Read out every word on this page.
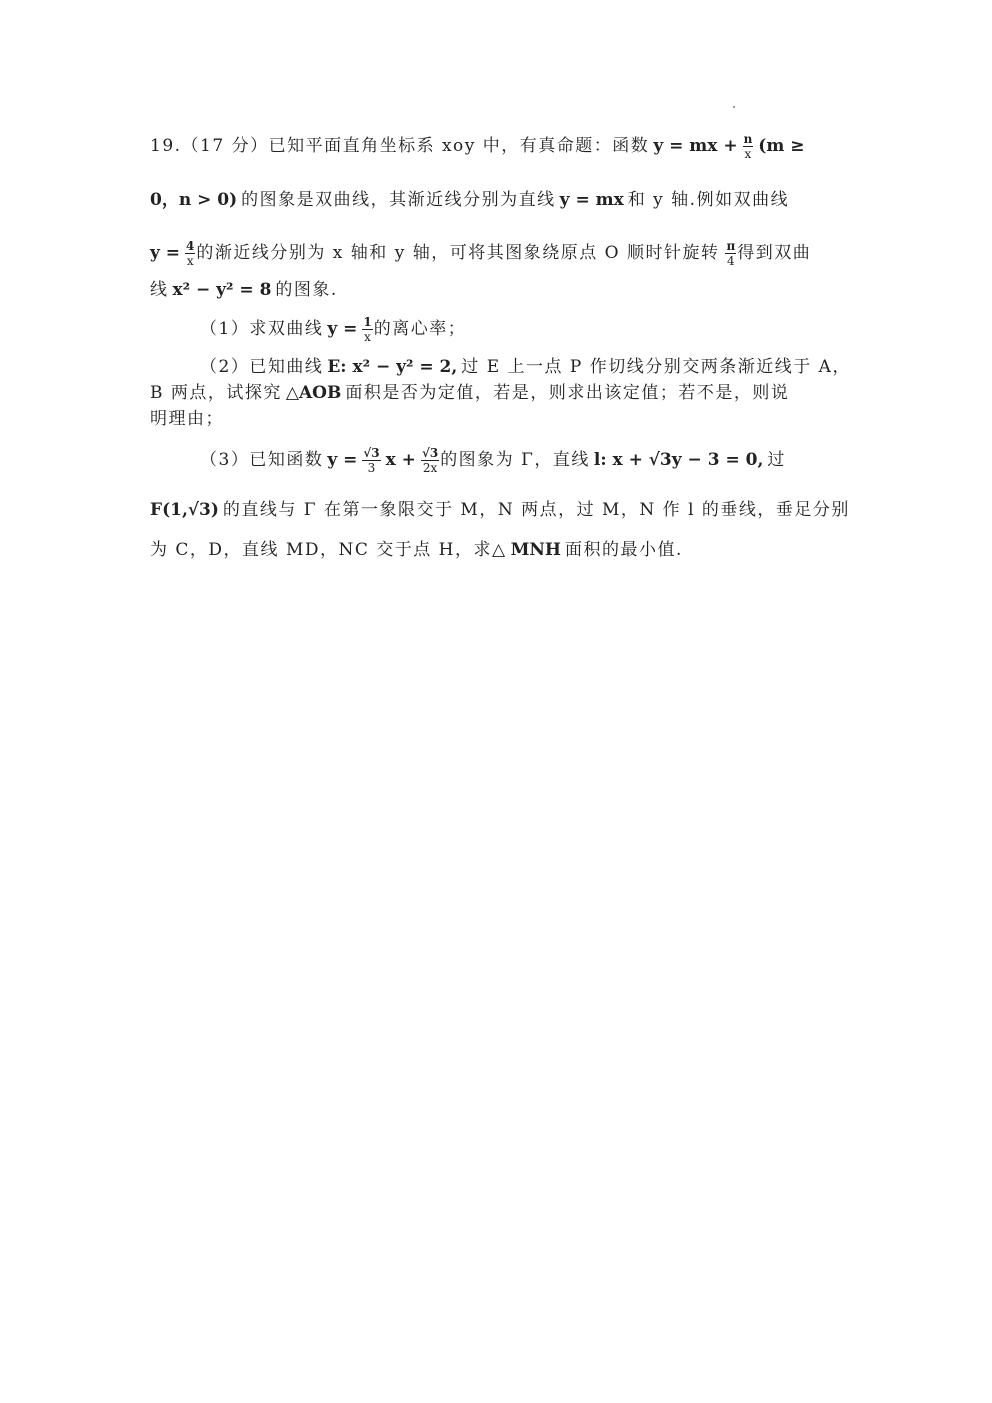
19.（17 分）已知平面直角坐标系 xoy 中，有真命题：函数 y = mx + $\frac{n}{x} (m$ ≥
0，n > 0) 的图象是双曲线，其渐近线分别为直线 y = mx 和 y 轴.例如双曲线
$y = \frac{4}{x}$ 的渐近线分别为 x 轴和 y 轴，可将其图象绕原点 O 顺时针旋转 $\frac{\pi}{4}$ 得到双曲
线 x² − y² = 8 的图象.
（1）求双曲线 $y = \frac{1}{x}$ 的离心率；
（2）已知曲线 E: x² − y² = 2, 过 E 上一点 P 作切线分别交两条渐近线于 A，
B 两点，试探究 △AOB 面积是否为定值，若是，则求出该定值；若不是，则说
明理由；
（3）已知函数 $y = \frac{√3}{3}$ $x + \frac{√3}{2x}$ 的图象为 Γ，直线 l: x + √3y − 3 = 0, 过
F(1,√3) 的直线与 Γ 在第一象限交于 M，N 两点，过 M，N 作 l 的垂线，垂足分别
为 C，D，直线 MD，NC 交于点 H，求△ MNH 面积的最小值.
